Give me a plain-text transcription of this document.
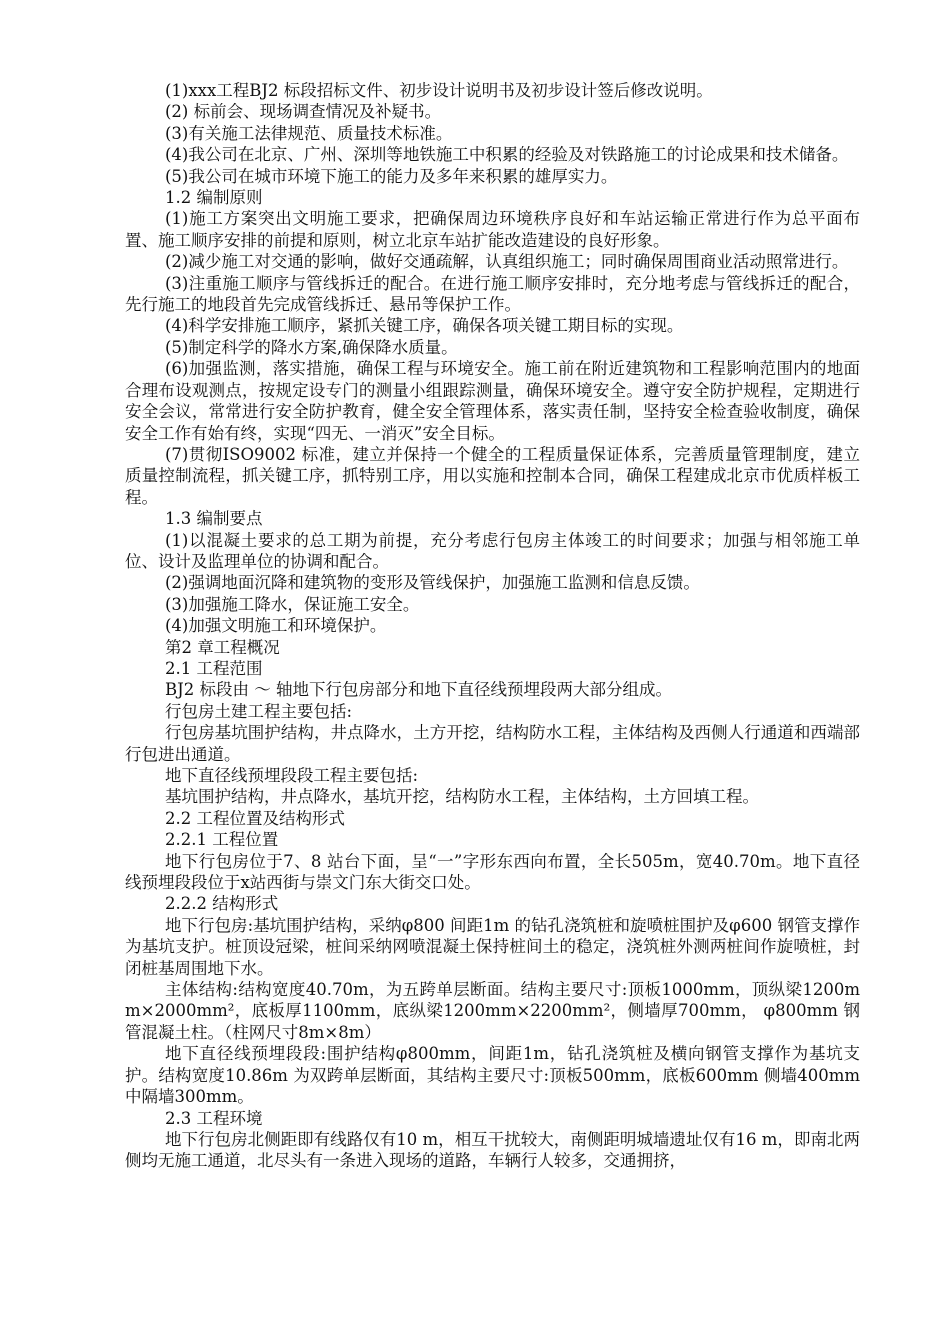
(1)xxx工程BJ2 标段招标文件、初步设计说明书及初步设计签后修改说明。

(2) 标前会、现场调查情况及补疑书。

(3)有关施工法律规范、质量技术标准。

(4)我公司在北京、广州、深圳等地铁施工中积累的经验及对铁路施工的讨论成果和技术储备。

(5)我公司在城市环境下施工的能力及多年来积累的雄厚实力。

1.2 编制原则

(1)施工方案突出文明施工要求，把确保周边环境秩序良好和车站运输正常进行作为总平面布置、施工顺序安排的前提和原则，树立北京车站扩能改造建设的良好形象。

(2)减少施工对交通的影响，做好交通疏解，认真组织施工；同时确保周围商业活动照常进行。

(3)注重施工顺序与管线拆迁的配合。在进行施工顺序安排时，充分地考虑与管线拆迁的配合，先行施工的地段首先完成管线拆迁、悬吊等保护工作。

(4)科学安排施工顺序，紧抓关键工序，确保各项关键工期目标的实现。

(5)制定科学的降水方案,确保降水质量。

(6)加强监测，落实措施，确保工程与环境安全。施工前在附近建筑物和工程影响范围内的地面合理布设观测点，按规定设专门的测量小组跟踪测量，确保环境安全。遵守安全防护规程，定期进行安全会议，常常进行安全防护教育，健全安全管理体系，落实责任制，坚持安全检查验收制度，确保安全工作有始有终，实现“四无、一消灭”安全目标。

(7)贯彻ISO9002 标准，建立并保持一个健全的工程质量保证体系，完善质量管理制度，建立质量控制流程，抓关键工序，抓特别工序，用以实施和控制本合同，确保工程建成北京市优质样板工程。

1.3 编制要点

(1)以混凝土要求的总工期为前提，充分考虑行包房主体竣工的时间要求；加强与相邻施工单位、设计及监理单位的协调和配合。

(2)强调地面沉降和建筑物的变形及管线保护，加强施工监测和信息反馈。

(3)加强施工降水，保证施工安全。

(4)加强文明施工和环境保护。

第2 章工程概况

2.1 工程范围

BJ2 标段由 ～ 轴地下行包房部分和地下直径线预埋段两大部分组成。

行包房土建工程主要包括:

行包房基坑围护结构，井点降水，土方开挖，结构防水工程，主体结构及西侧人行通道和西端部行包进出通道。

地下直径线预埋段段工程主要包括:

基坑围护结构，井点降水，基坑开挖，结构防水工程，主体结构，土方回填工程。

2.2 工程位置及结构形式

2.2.1 工程位置

地下行包房位于7、8 站台下面，呈“一”字形东西向布置，全长505m，宽40.70m。地下直径线预埋段段位于x站西街与崇文门东大街交口处。

2.2.2 结构形式

地下行包房:基坑围护结构，采纳φ800 间距1m 的钻孔浇筑桩和旋喷桩围护及φ600 钢管支撑作为基坑支护。桩顶设冠梁，桩间采纳网喷混凝土保持桩间土的稳定，浇筑桩外测两桩间作旋喷桩，封闭桩基周围地下水。

主体结构:结构宽度40.70m，为五跨单层断面。结构主要尺寸:顶板1000mm，顶纵梁1200mm×2000mm²，底板厚1100mm，底纵梁1200mm×2200mm²，侧墙厚700mm， φ800mm 钢管混凝土柱。（柱网尺寸8m×8m）

地下直径线预埋段段:围护结构φ800mm，间距1m，钻孔浇筑桩及横向钢管支撑作为基坑支护。结构宽度10.86m 为双跨单层断面，其结构主要尺寸:顶板500mm，底板600mm 侧墙400mm 中隔墙300mm。

2.3 工程环境

地下行包房北侧距即有线路仅有10 m，相互干扰较大，南侧距明城墙遗址仅有16 m，即南北两侧均无施工通道，北尽头有一条进入现场的道路，车辆行人较多，交通拥挤，
